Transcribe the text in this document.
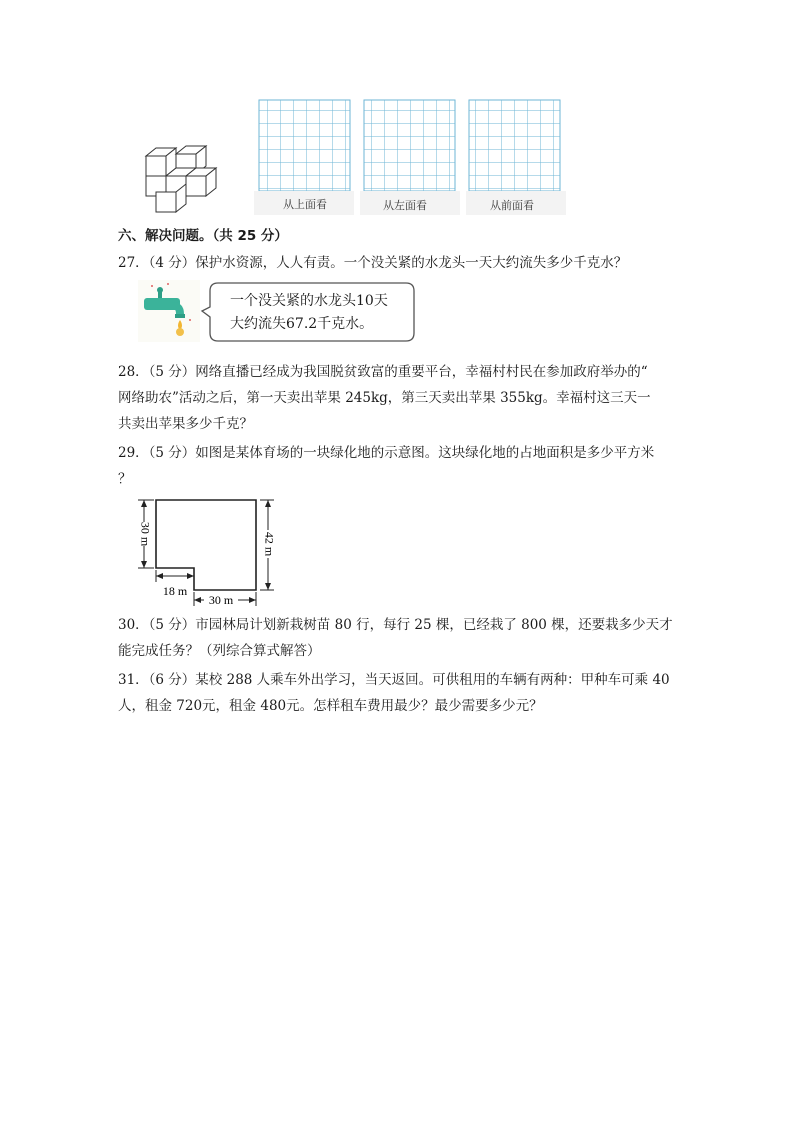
从上面看	从左面看	从前面看
六、解决问题。（共 25 分）
27．（4 分）保护水资源，人人有责。一个没关紧的水龙头一天大约流失多少千克水？
一个没关紧的水龙头10天
大约流失67.2千克水。
28．（5 分）网络直播已经成为我国脱贫致富的重要平台，幸福村村民在参加政府举办的“
网络助农”活动之后，第一天卖出苹果 245kg，第三天卖出苹果 355kg。幸福村这三天一
共卖出苹果多少千克？
29．（5 分）如图是某体育场的一块绿化地的示意图。这块绿化地的占地面积是多少平方米
？
30 m	42 m
18 m
30 m
30．（5 分）市园林局计划新栽树苗 80 行，每行 25 棵，已经栽了 800 棵，还要栽多少天才
能完成任务？（列综合算式解答）
31．（6 分）某校 288 人乘车外出学习，当天返回。可供租用的车辆有两种：甲种车可乘 40
人，租金 720元，租金 480元。怎样租车费用最少？最少需要多少元？
